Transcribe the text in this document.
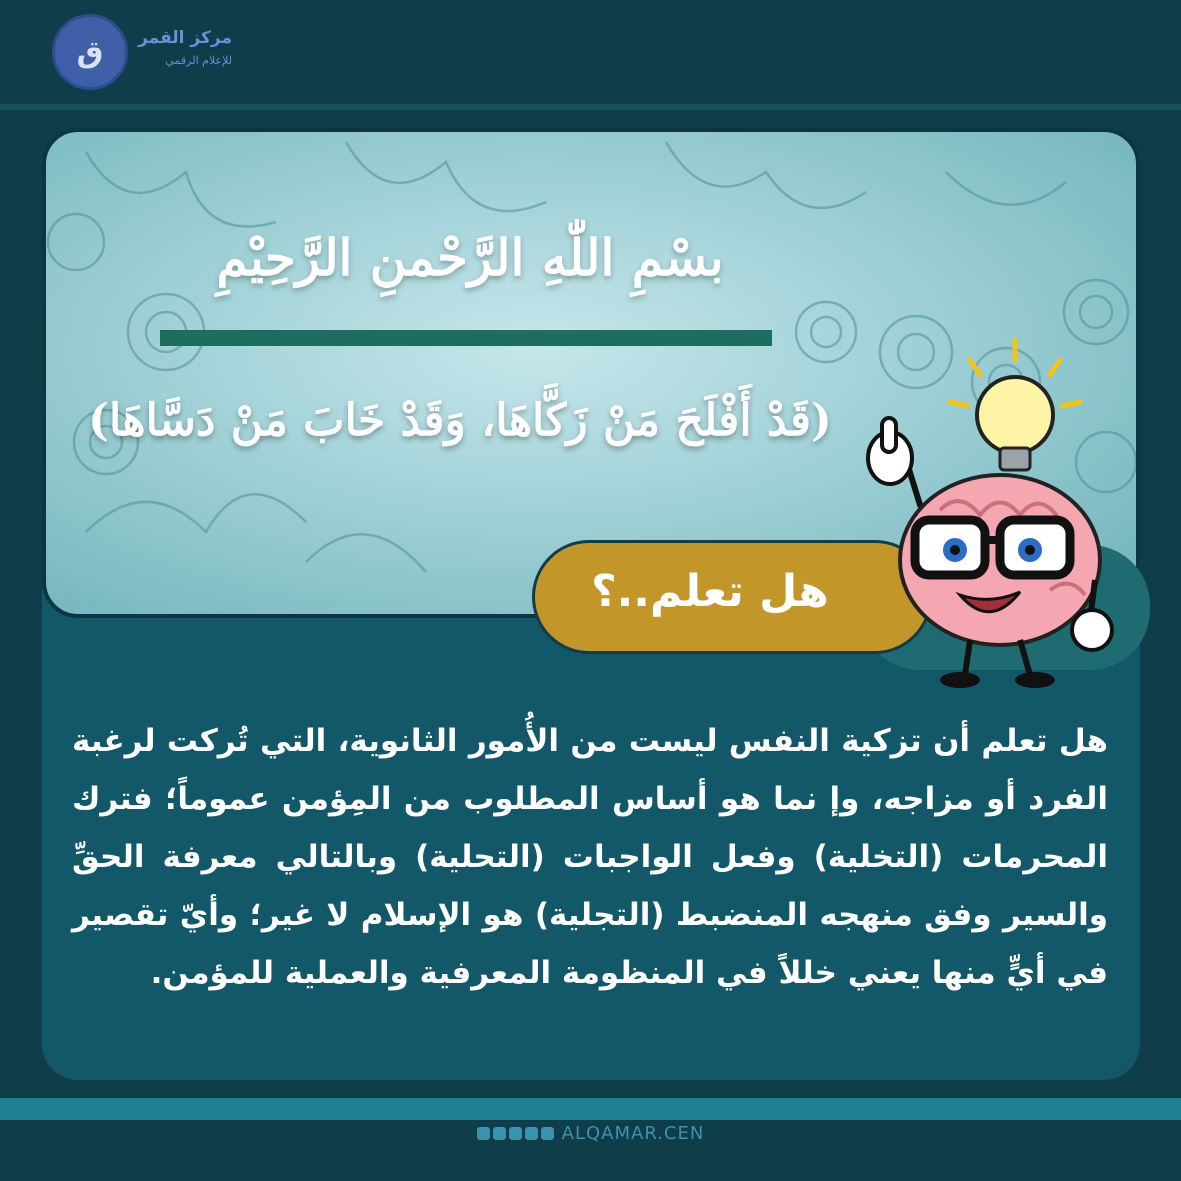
ق	مركز القمر
للإعلام الرقمي
بسْمِ اللّٰهِ الرَّحْمنِ الرَّحِيْمِ
(قَدْ أَفْلَحَ مَنْ زَكَّاهَا، وَقَدْ خَابَ مَنْ دَسَّاهَا)
هل تعلم..؟
هل تعلم أن تزكية النفس ليست من الأُمور الثانوية، التي تُركت لرغبة الفرد أو مزاجه، وإ نما هو أساس المطلوب من المِؤمن عموماً؛ فترك المحرمات (التخلية) وفعل الواجبات (التحلية) وبالتالي معرفة الحقِّ والسير وفق منهجه المنضبط (التجلية) هو الإسلام لا غير؛ وأيّ تقصير في أيٍّ منها يعني خللاً في المنظومة المعرفية والعملية للمؤمن.
ALQAMAR.CEN
